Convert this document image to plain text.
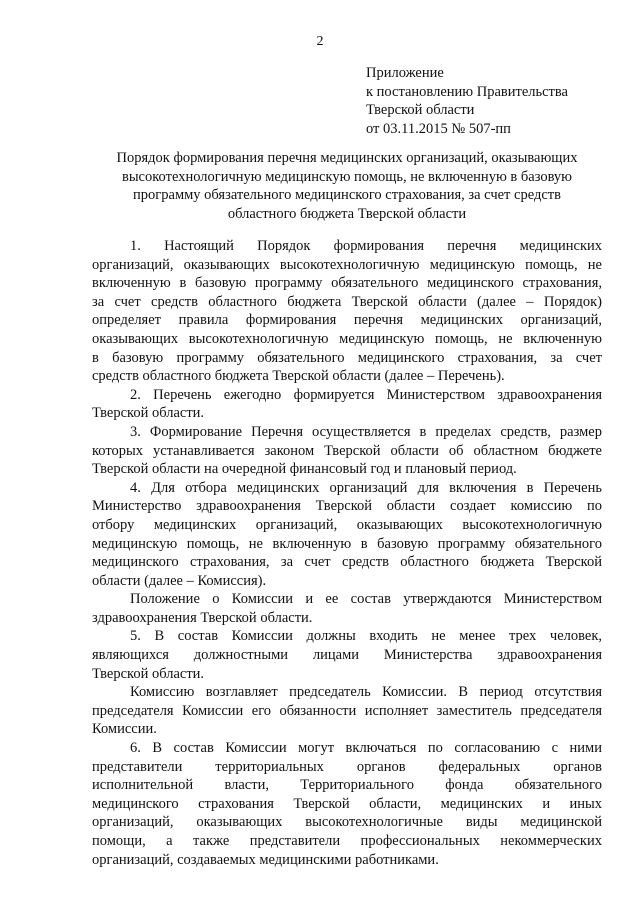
2
Приложение
к постановлению Правительства
Тверской области
от 03.11.2015 № 507-пп
Порядок формирования перечня медицинских организаций, оказывающих
высокотехнологичную медицинскую помощь, не включенную в базовую
программу обязательного медицинского страхования, за счет средств
областного бюджета Тверской области
1. Настоящий Порядок формирования перечня медицинских
организаций, оказывающих высокотехнологичную медицинскую помощь, не
включенную в базовую программу обязательного медицинского страхования,
за счет средств областного бюджета Тверской области (далее – Порядок)
определяет правила формирования перечня медицинских организаций,
оказывающих высокотехнологичную медицинскую помощь, не включенную
в базовую программу обязательного медицинского страхования, за счет
средств областного бюджета Тверской области (далее – Перечень).
2. Перечень ежегодно формируется Министерством здравоохранения
Тверской области.
3. Формирование Перечня осуществляется в пределах средств, размер
которых устанавливается законом Тверской области об областном бюджете
Тверской области на очередной финансовый год и плановый период.
4. Для отбора медицинских организаций для включения в Перечень
Министерство здравоохранения Тверской области создает комиссию по
отбору медицинских организаций, оказывающих высокотехнологичную
медицинскую помощь, не включенную в базовую программу обязательного
медицинского страхования, за счет средств областного бюджета Тверской
области (далее – Комиссия).
Положение о Комиссии и ее состав утверждаются Министерством
здравоохранения Тверской области.
5. В состав Комиссии должны входить не менее трех человек,
являющихся должностными лицами Министерства здравоохранения
Тверской области.
Комиссию возглавляет председатель Комиссии. В период отсутствия
председателя Комиссии его обязанности исполняет заместитель председателя
Комиссии.
6. В состав Комиссии могут включаться по согласованию с ними
представители территориальных органов федеральных органов
исполнительной власти, Территориального фонда обязательного
медицинского страхования Тверской области, медицинских и иных
организаций, оказывающих высокотехнологичные виды медицинской
помощи, а также представители профессиональных некоммерческих
организаций, создаваемых медицинскими работниками.
